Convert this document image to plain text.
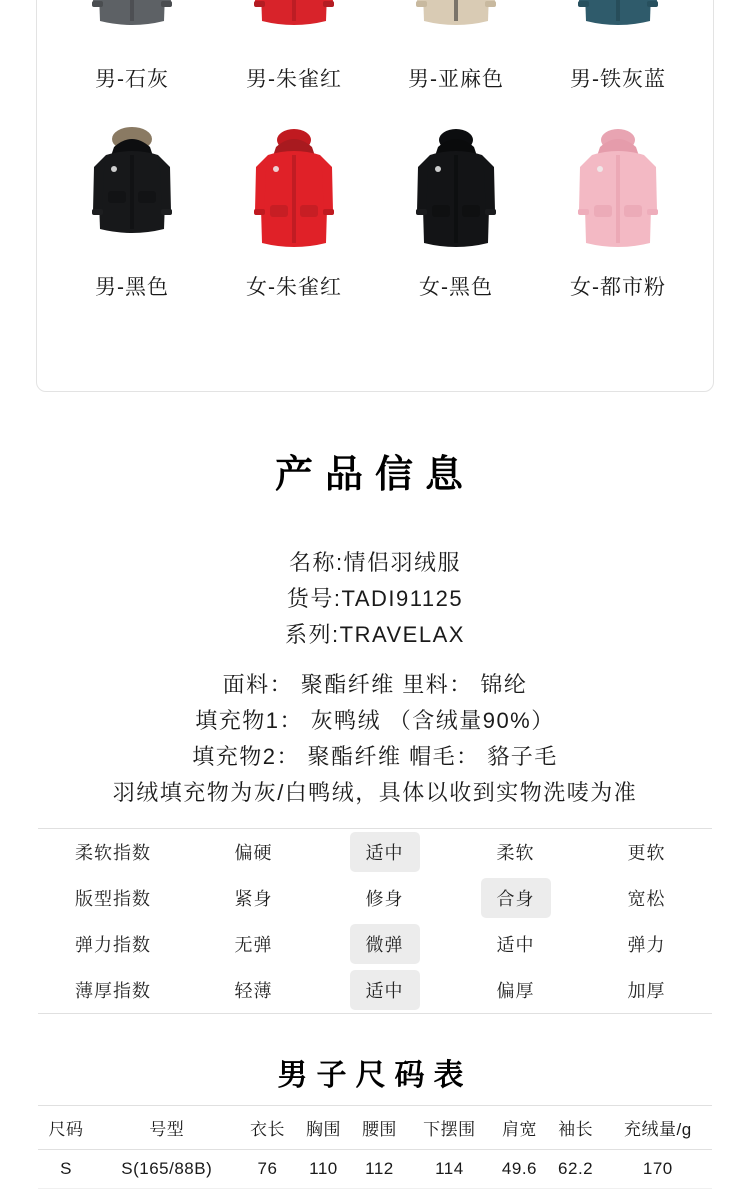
男-石灰	男-朱雀红	男-亚麻色	男-铁灰蓝
男-黑色	女-朱雀红	女-黑色	女-都市粉
产品信息
名称:情侣羽绒服
货号:TADI91125
系列:TRAVELAX
面料： 聚酯纤维 里料： 锦纶
填充物1： 灰鸭绒 （含绒量90%）
填充物2： 聚酯纤维 帽毛： 貉子毛
羽绒填充物为灰/白鸭绒，具体以收到实物洗唛为准
柔软指数	偏硬	适中	柔软	更软
版型指数	紧身	修身	合身	宽松
弹力指数	无弹	微弹	适中	弹力
薄厚指数	轻薄	适中	偏厚	加厚
男子尺码表
尺码	号型	衣长	胸围	腰围	下摆围	肩宽	袖长	充绒量/g
S	S(165/88B)	76	110	112	114	49.6	62.2	170
